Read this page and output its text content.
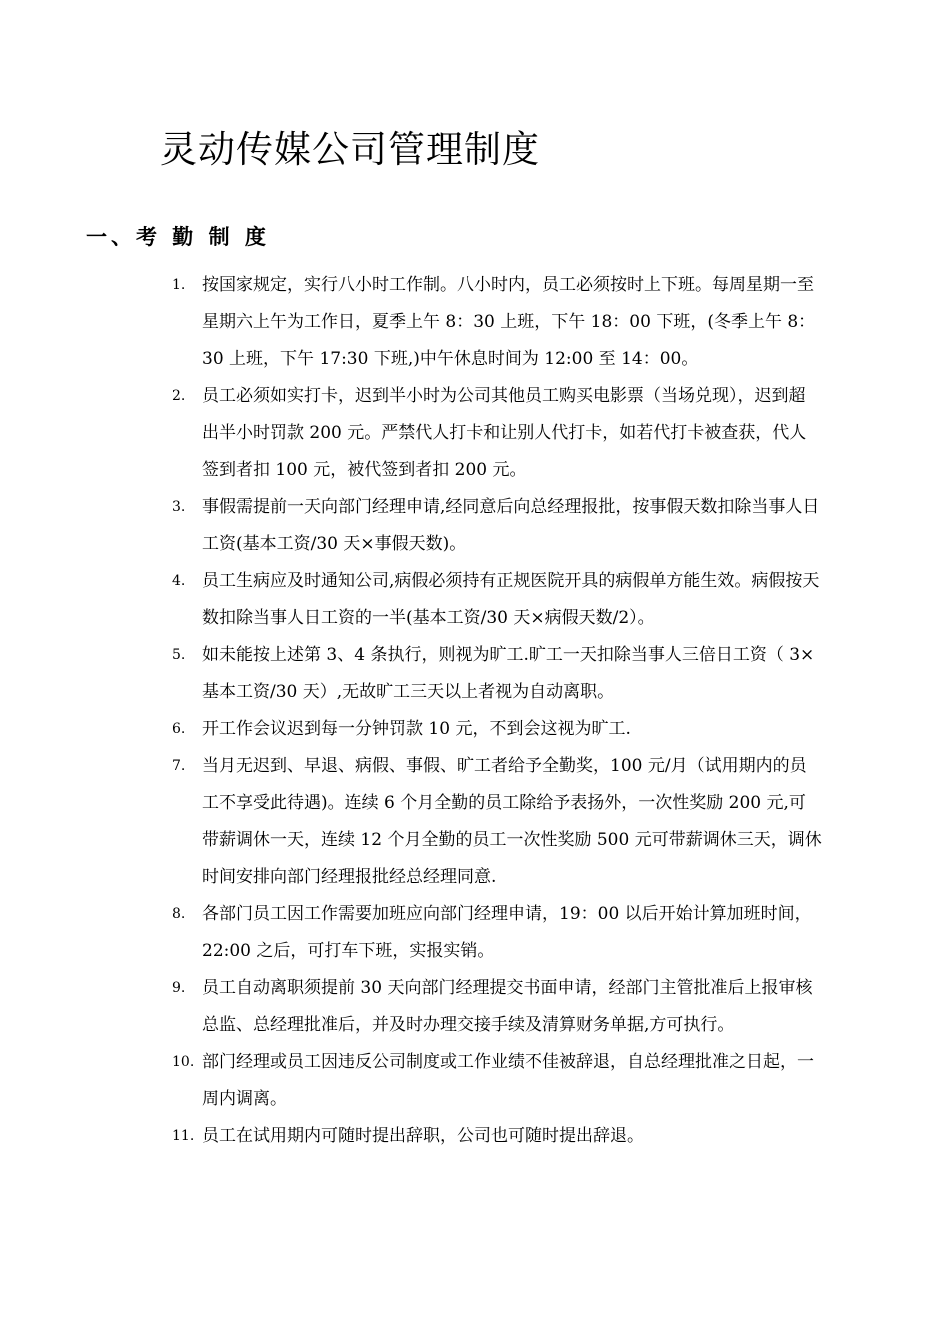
灵动传媒公司管理制度
一、考 勤 制 度
1. 按国家规定，实行八小时工作制。八小时内，员工必须按时上下班。每周星期一至星期六上午为工作日，夏季上午 8：30 上班，下午 18：00 下班，(冬季上午 8：30 上班，下午 17:30 下班,)中午休息时间为 12:00 至 14：00。
2. 员工必须如实打卡，迟到半小时为公司其他员工购买电影票（当场兑现），迟到超出半小时罚款 200 元。严禁代人打卡和让别人代打卡，如若代打卡被查获，代人签到者扣 100 元，被代签到者扣 200 元。
3. 事假需提前一天向部门经理申请,经同意后向总经理报批，按事假天数扣除当事人日工资(基本工资/30 天×事假天数)。
4. 员工生病应及时通知公司,病假必须持有正规医院开具的病假单方能生效。病假按天数扣除当事人日工资的一半(基本工资/30 天×病假天数/2）。
5. 如未能按上述第 3、4 条执行，则视为旷工.旷工一天扣除当事人三倍日工资（ 3×基本工资/30 天）,无故旷工三天以上者视为自动离职。
6. 开工作会议迟到每一分钟罚款 10 元，不到会这视为旷工.
7. 当月无迟到、早退、病假、事假、旷工者给予全勤奖，100 元/月（试用期内的员工不享受此待遇)。连续 6 个月全勤的员工除给予表扬外，一次性奖励 200 元,可带薪调休一天，连续 12 个月全勤的员工一次性奖励 500 元可带薪调休三天，调休时间安排向部门经理报批经总经理同意.
8. 各部门员工因工作需要加班应向部门经理申请，19：00 以后开始计算加班时间，　22:00 之后，可打车下班，实报实销。
9. 员工自动离职须提前 30 天向部门经理提交书面申请，经部门主管批准后上报审核总监、总经理批准后，并及时办理交接手续及清算财务单据,方可执行。
10. 部门经理或员工因违反公司制度或工作业绩不佳被辞退，自总经理批准之日起，一周内调离。
11. 员工在试用期内可随时提出辞职，公司也可随时提出辞退。
